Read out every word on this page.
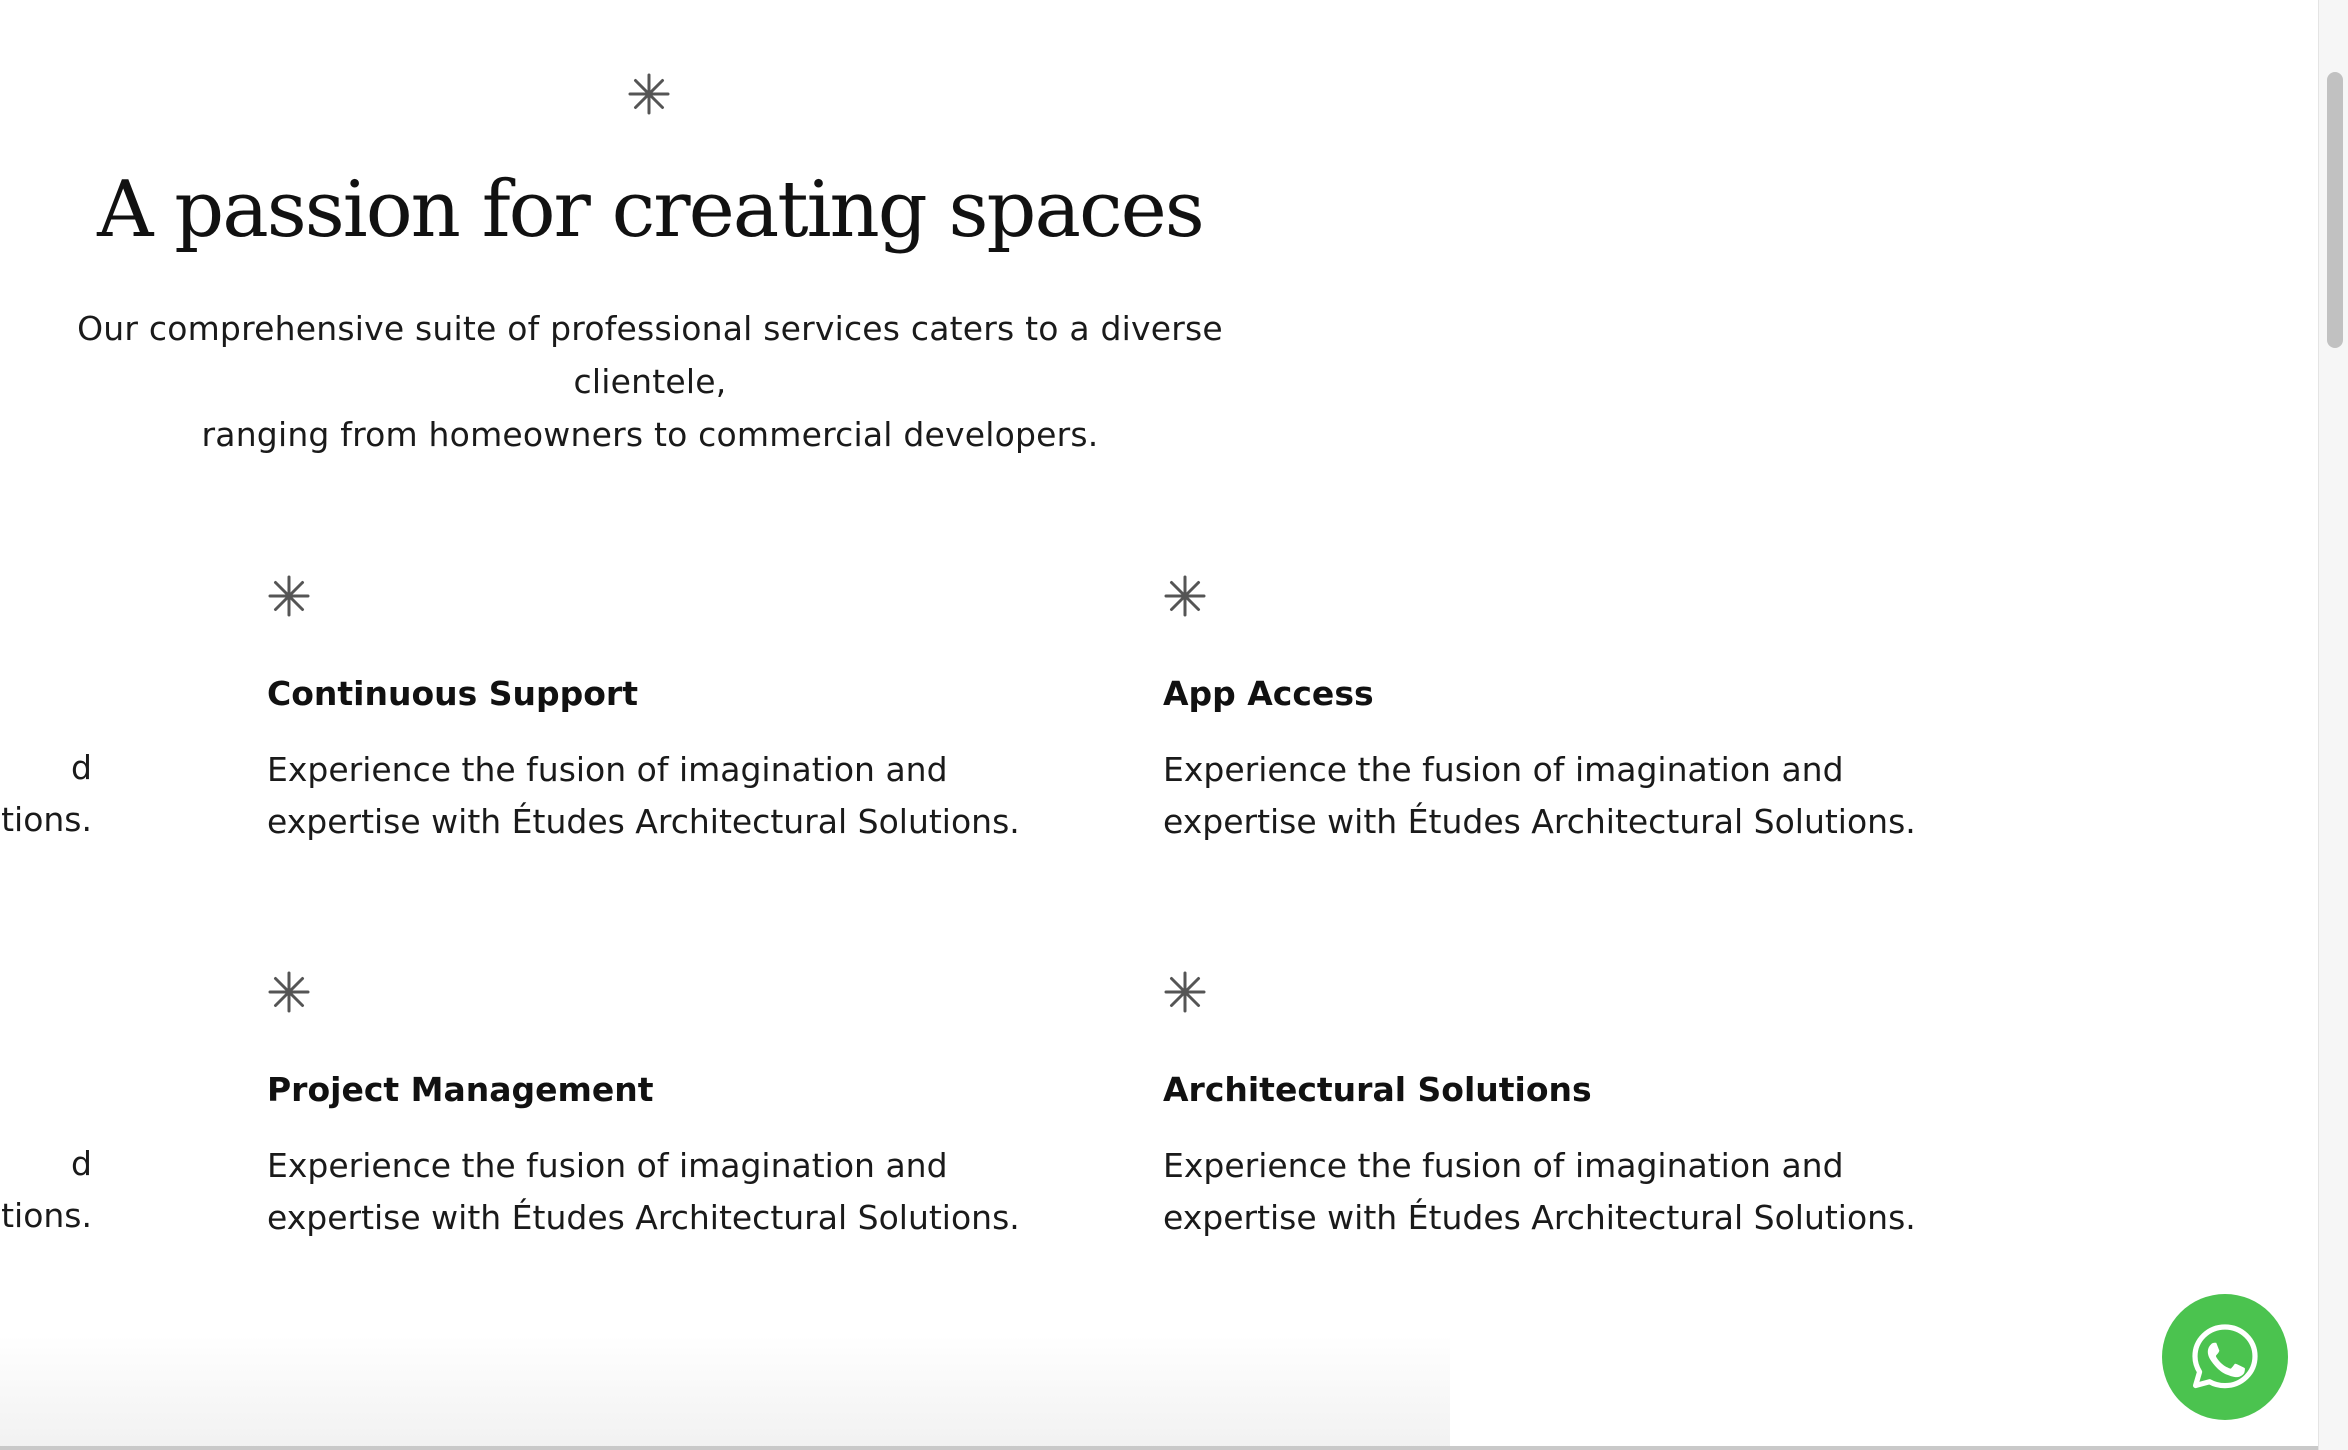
A passion for creating spaces

Our comprehensive suite of professional services caters to a diverse clientele,
ranging from homeowners to commercial developers.

d

tions.

d

tions.

Continuous Support

Experience the fusion of imagination and
expertise with Études Architectural Solutions.

App Access

Experience the fusion of imagination and
expertise with Études Architectural Solutions.

Project Management

Experience the fusion of imagination and
expertise with Études Architectural Solutions.

Architectural Solutions

Experience the fusion of imagination and
expertise with Études Architectural Solutions.
